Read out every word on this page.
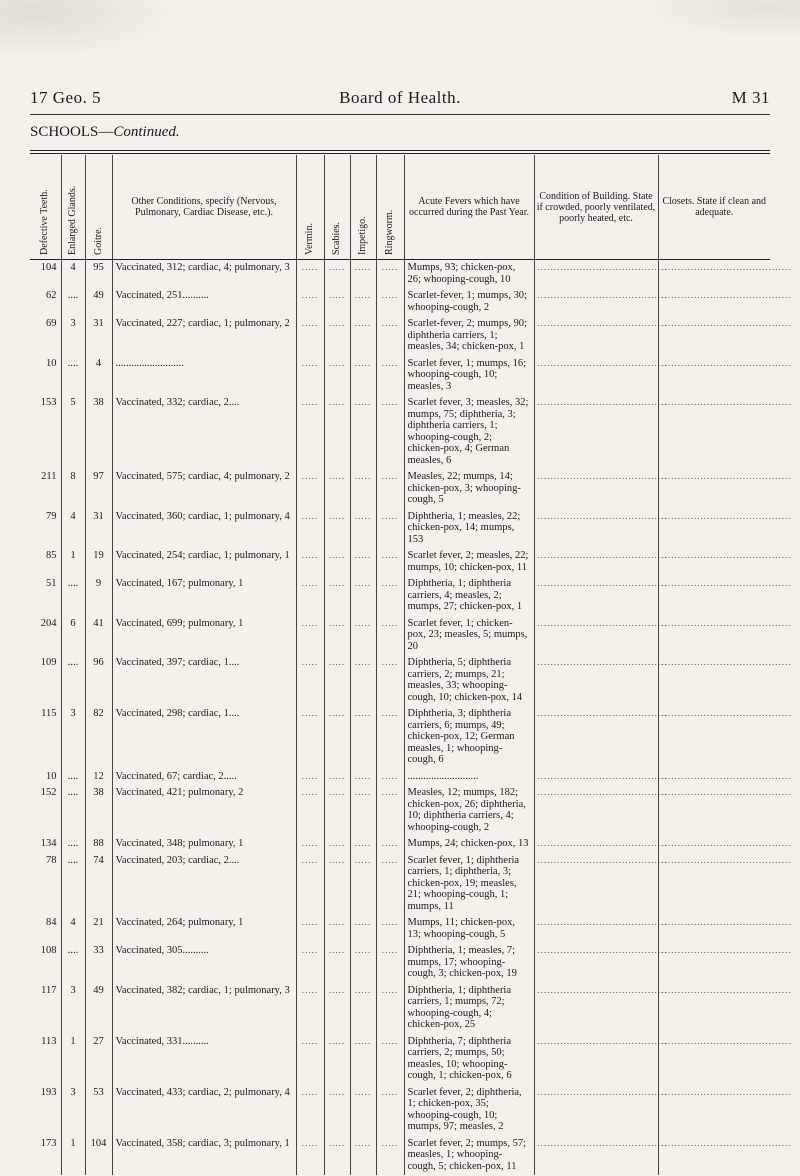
17 Geo. 5	Board of Health.	M 31
SCHOOLS—Continued.
Defective Teeth.	Enlarged Glands.	Goitre.	Other Conditions, specify (Nervous, Pulmonary, Cardiac Disease, etc.).	Vermin.	Scabies.	Impetigo.	Ringworm.	Acute Fevers which have occurred during the Past Year.	Condition of Building. State if crowded, poorly ventilated, poorly heated, etc.	Closets. State if clean and adequate.
104	4	95	Vaccinated, 312; cardiac, 4; pulmonary, 3	.....	.....	.....	.....	Mumps, 93; chicken-pox, 26; whooping-cough, 10	........................................	........................................
62	....	49	Vaccinated, 251..........	.....	.....	.....	.....	Scarlet-fever, 1; mumps, 30; whooping-cough, 2	........................................	........................................
69	3	31	Vaccinated, 227; cardiac, 1; pulmonary, 2	.....	.....	.....	.....	Scarlet-fever, 2; mumps, 90; diphtheria carriers, 1; measles, 34; chicken-pox, 1	........................................	........................................
10	....	4	..........................	.....	.....	.....	.....	Scarlet fever, 1; mumps, 16; whooping-cough, 10; measles, 3	........................................	........................................
153	5	38	Vaccinated, 332; cardiac, 2....	.....	.....	.....	.....	Scarlet fever, 3; measles, 32; mumps, 75; diphtheria, 3; diphtheria carriers, 1; whooping-cough, 2; chicken-pox, 4; German measles, 6	........................................	........................................
211	8	97	Vaccinated, 575; cardiac, 4; pulmonary, 2	.....	.....	.....	.....	Measles, 22; mumps, 14; chicken-pox, 3; whooping-cough, 5	........................................	........................................
79	4	31	Vaccinated, 360; cardiac, 1; pulmonary, 4	.....	.....	.....	.....	Diphtheria, 1; measles, 22; chicken-pox, 14; mumps, 153	........................................	........................................
85	1	19	Vaccinated, 254; cardiac, 1; pulmonary, 1	.....	.....	.....	.....	Scarlet fever, 2; measles, 22; mumps, 10; chicken-pox, 11	........................................	........................................
51	....	9	Vaccinated, 167; pulmonary, 1	.....	.....	.....	.....	Diphtheria, 1; diphtheria carriers, 4; measles, 2; mumps, 27; chicken-pox, 1	........................................	........................................
204	6	41	Vaccinated, 699; pulmonary, 1	.....	.....	.....	.....	Scarlet fever, 1; chicken-pox, 23; measles, 5; mumps, 20	........................................	........................................
109	....	96	Vaccinated, 397; cardiac, 1....	.....	.....	.....	.....	Diphtheria, 5; diphtheria carriers, 2; mumps, 21; measles, 33; whooping-cough, 10; chicken-pox, 14	........................................	........................................
115	3	82	Vaccinated, 298; cardiac, 1....	.....	.....	.....	.....	Diphtheria, 3; diphtheria carriers, 6; mumps, 49; chicken-pox, 12; German measles, 1; whooping-cough, 6	........................................	........................................
10	....	12	Vaccinated, 67; cardiac, 2.....	.....	.....	.....	.....	...........................	........................................	........................................
152	....	38	Vaccinated, 421; pulmonary, 2	.....	.....	.....	.....	Measles, 12; mumps, 182; chicken-pox, 26; diphtheria, 10; diphtheria carriers, 4; whooping-cough, 2	........................................	........................................
134	....	88	Vaccinated, 348; pulmonary, 1	.....	.....	.....	.....	Mumps, 24; chicken-pox, 13	........................................	........................................
78	....	74	Vaccinated, 203; cardiac, 2....	.....	.....	.....	.....	Scarlet fever, 1; diphtheria carriers, 1; diphtheria, 3; chicken-pox, 19; measles, 21; whooping-cough, 1; mumps, 11	........................................	........................................
84	4	21	Vaccinated, 264; pulmonary, 1	.....	.....	.....	.....	Mumps, 11; chicken-pox, 13; whooping-cough, 5	........................................	........................................
108	....	33	Vaccinated, 305..........	.....	.....	.....	.....	Diphtheria, 1; measles, 7; mumps, 17; whooping-cough, 3; chicken-pox, 19	........................................	........................................
117	3	49	Vaccinated, 382; cardiac, 1; pulmonary, 3	.....	.....	.....	.....	Diphtheria, 1; diphtheria carriers, 1; mumps, 72; whooping-cough, 4; chicken-pox, 25	........................................	........................................
113	1	27	Vaccinated, 331..........	.....	.....	.....	.....	Diphtheria, 7; diphtheria carriers, 2; mumps, 50; measles, 10; whooping-cough, 1; chicken-pox, 6	........................................	........................................
193	3	53	Vaccinated, 433; cardiac, 2; pulmonary, 4	.....	.....	.....	.....	Scarlet fever, 2; diphtheria, 1; chicken-pox, 35; whooping-cough, 10; mumps, 97; measles, 2	........................................	........................................
173	1	104	Vaccinated, 358; cardiac, 3; pulmonary, 1	.....	.....	.....	.....	Scarlet fever, 2; mumps, 57; measles, 1; whooping-cough, 5; chicken-pox, 11	........................................	........................................
